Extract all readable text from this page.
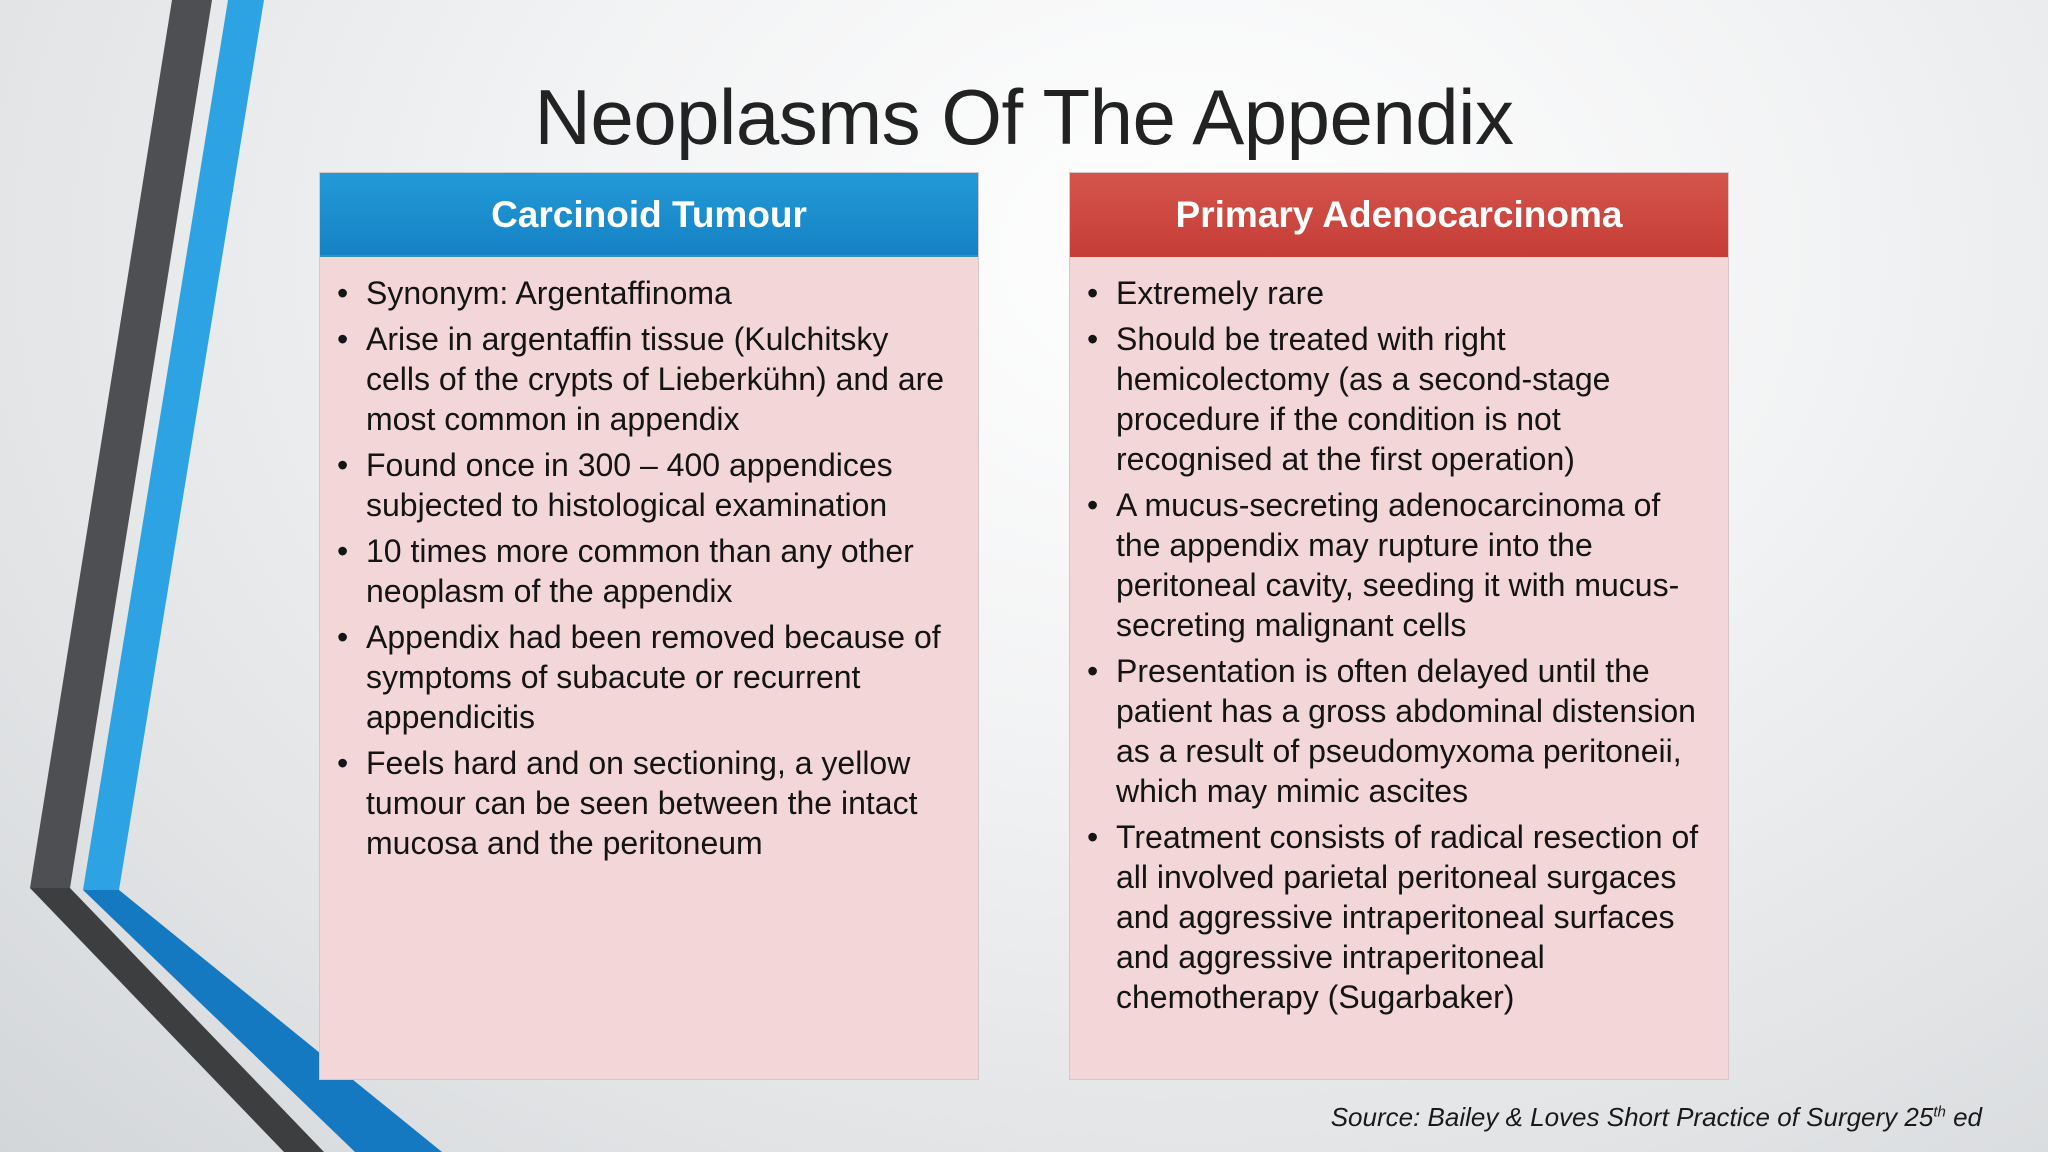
Neoplasms Of The Appendix
Carcinoid Tumour
• Synonym: Argentaffinoma
• Arise in argentaffin tissue (Kulchitsky cells of the crypts of Lieberkühn) and are most common in appendix
• Found once in 300 – 400 appendices subjected to histological examination
• 10 times more common than any other neoplasm of the appendix
• Appendix had been removed because of symptoms of subacute or recurrent appendicitis
• Feels hard and on sectioning, a yellow tumour can be seen between the intact mucosa and the peritoneum
Primary Adenocarcinoma
• Extremely rare
• Should be treated with right hemicolectomy (as a second-stage procedure if the condition is not recognised at the first operation)
• A mucus-secreting adenocarcinoma of the appendix may rupture into the peritoneal cavity, seeding it with mucus-secreting malignant cells
• Presentation is often delayed until the patient has a gross abdominal distension as a result of pseudomyxoma peritoneii, which may mimic ascites
• Treatment consists of radical resection of all involved parietal peritoneal surgaces and aggressive intraperitoneal surfaces and aggressive intraperitoneal chemotherapy (Sugarbaker)
Source: Bailey & Loves Short Practice of Surgery 25th ed
